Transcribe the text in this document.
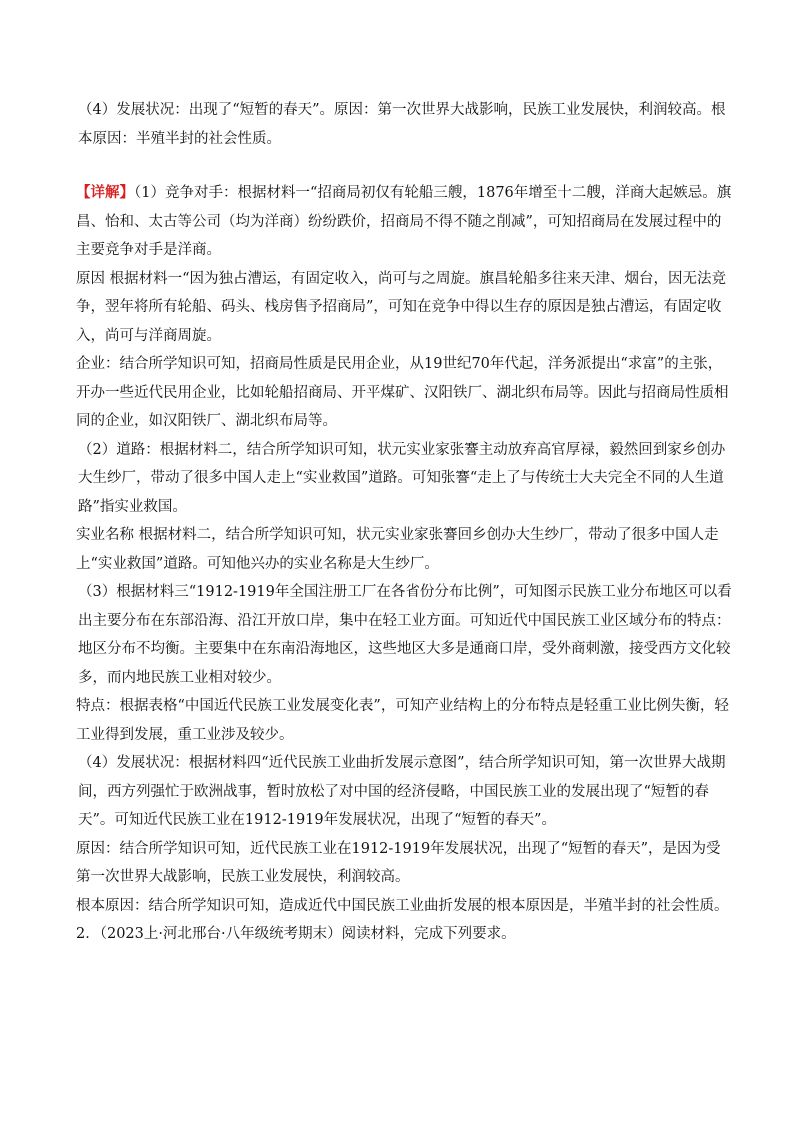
（4）发展状况：出现了“短暂的春天”。原因：第一次世界大战影响，民族工业发展快，利润较高。根本原因：半殖半封的社会性质。

【详解】（1）竞争对手：根据材料一“招商局初仅有轮船三艘，1876年增至十二艘，洋商大起嫉忌。旗昌、怡和、太古等公司（均为洋商）纷纷跌价，招商局不得不随之削减”，可知招商局在发展过程中的主要竞争对手是洋商。

原因 根据材料一“因为独占漕运，有固定收入，尚可与之周旋。旗昌轮船多往来天津、烟台，因无法竞争，翌年将所有轮船、码头、栈房售予招商局”，可知在竞争中得以生存的原因是独占漕运，有固定收入，尚可与洋商周旋。

企业：结合所学知识可知，招商局性质是民用企业，从19世纪70年代起，洋务派提出“求富”的主张，开办一些近代民用企业，比如轮船招商局、开平煤矿、汉阳铁厂、湖北织布局等。因此与招商局性质相同的企业，如汉阳铁厂、湖北织布局等。

（2）道路：根据材料二，结合所学知识可知，状元实业家张謇主动放弃高官厚禄，毅然回到家乡创办大生纱厂，带动了很多中国人走上“实业救国”道路。可知张謇“走上了与传统士大夫完全不同的人生道路”指实业救国。

实业名称 根据材料二，结合所学知识可知，状元实业家张謇回乡创办大生纱厂，带动了很多中国人走上“实业救国”道路。可知他兴办的实业名称是大生纱厂。

（3）根据材料三“1912-1919年全国注册工厂在各省份分布比例”，可知图示民族工业分布地区可以看出主要分布在东部沿海、沿江开放口岸，集中在轻工业方面。可知近代中国民族工业区域分布的特点：地区分布不均衡。主要集中在东南沿海地区，这些地区大多是通商口岸，受外商刺激，接受西方文化较多，而内地民族工业相对较少。

特点：根据表格“中国近代民族工业发展变化表”，可知产业结构上的分布特点是轻重工业比例失衡，轻工业得到发展，重工业涉及较少。

（4）发展状况：根据材料四“近代民族工业曲折发展示意图”，结合所学知识可知，第一次世界大战期间，西方列强忙于欧洲战事，暂时放松了对中国的经济侵略，中国民族工业的发展出现了“短暂的春天”。可知近代民族工业在1912-1919年发展状况，出现了“短暂的春天”。

原因：结合所学知识可知，近代民族工业在1912-1919年发展状况，出现了“短暂的春天”，是因为受第一次世界大战影响，民族工业发展快，利润较高。

根本原因：结合所学知识可知，造成近代中国民族工业曲折发展的根本原因是，半殖半封的社会性质。

2．（2023上·河北邢台·八年级统考期末）阅读材料，完成下列要求。
